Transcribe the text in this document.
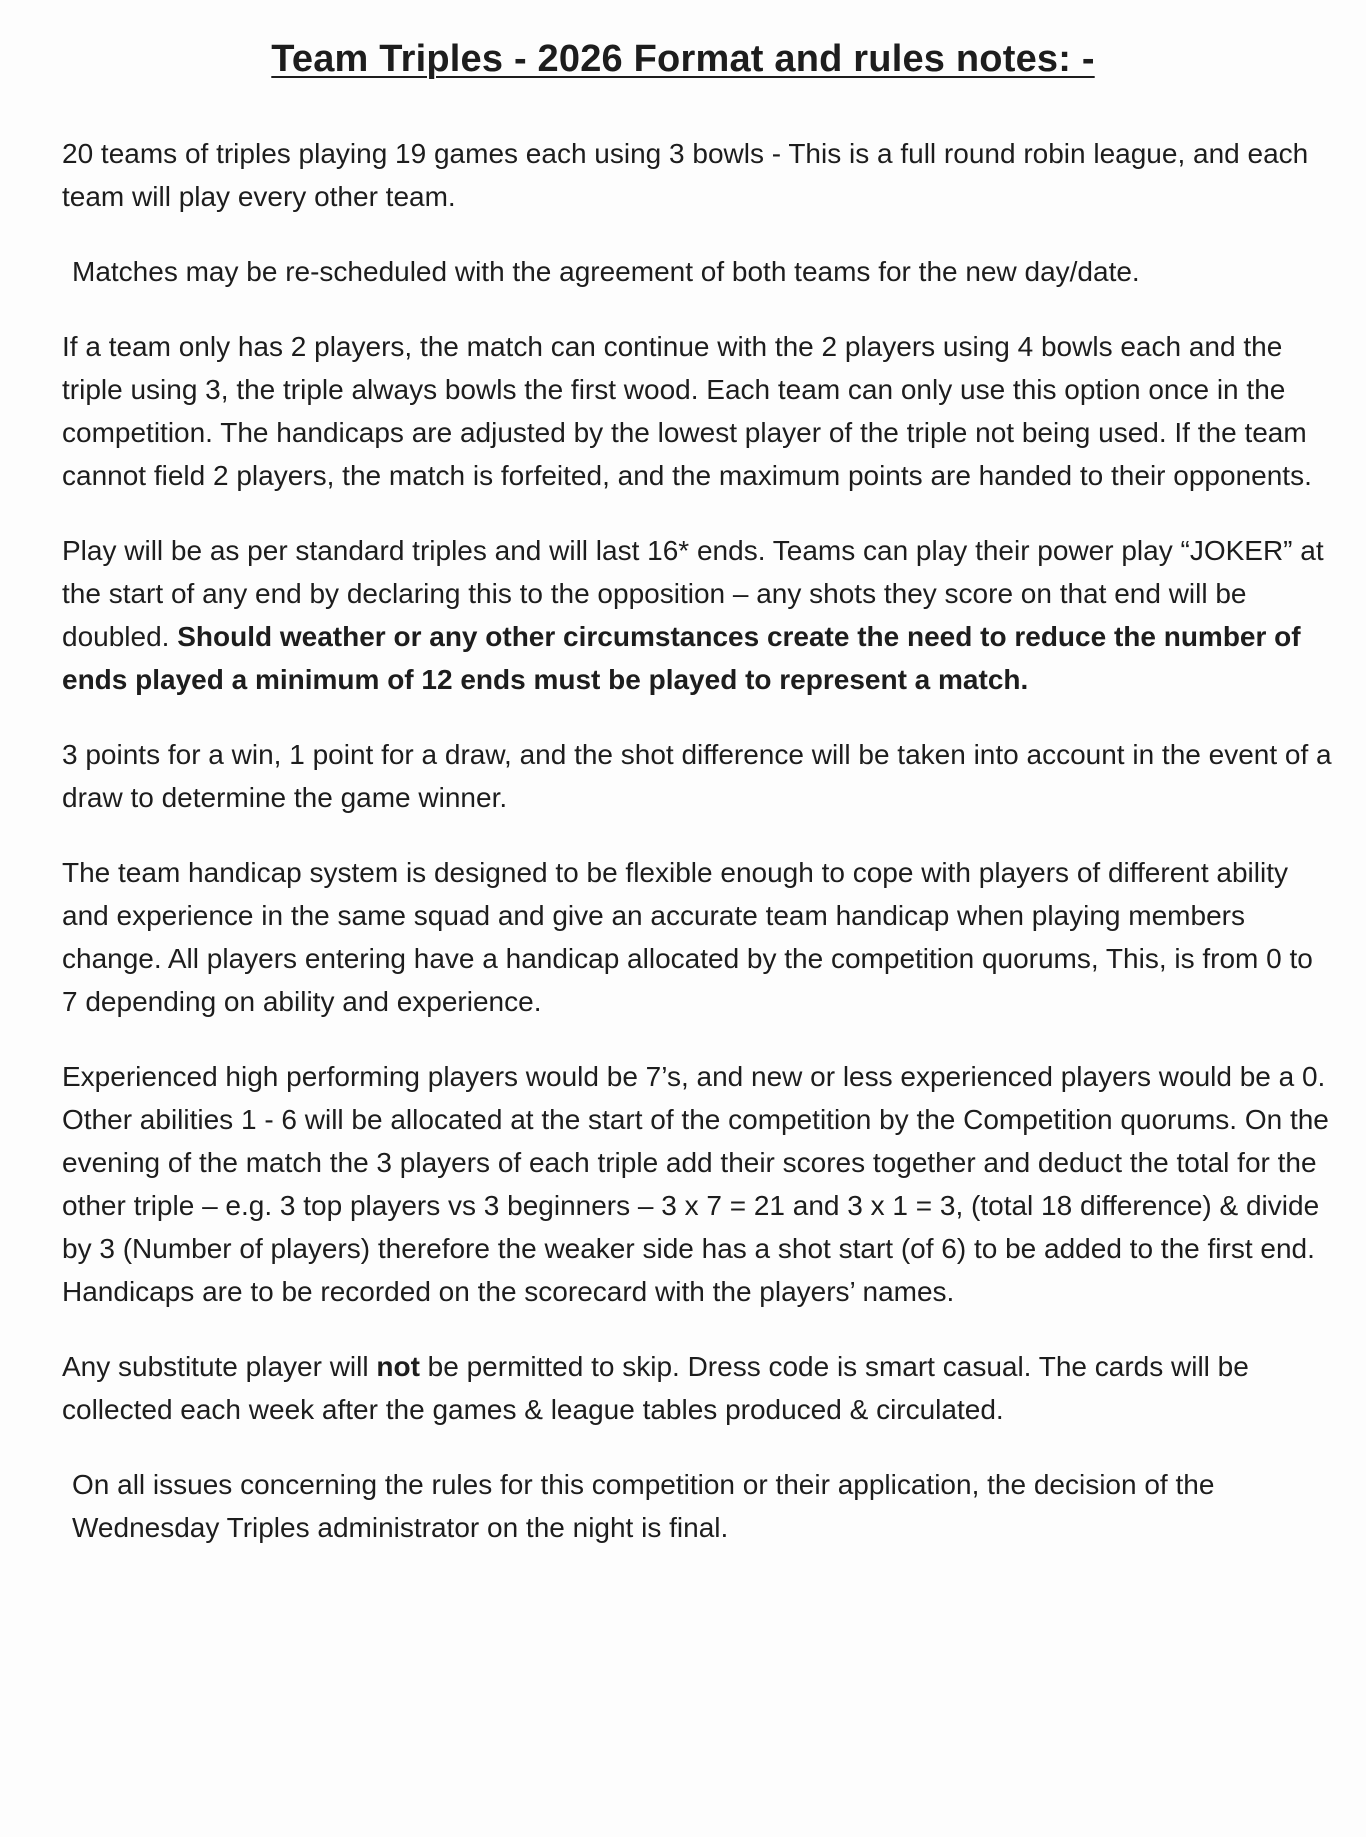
Team Triples - 2026 Format and rules notes: -

20 teams of triples playing 19 games each using 3 bowls - This is a full round robin league, and each team will play every other team.

Matches may be re-scheduled with the agreement of both teams for the new day/date.

If a team only has 2 players, the match can continue with the 2 players using 4 bowls each and the triple using 3, the triple always bowls the first wood. Each team can only use this option once in the competition. The handicaps are adjusted by the lowest player of the triple not being used. If the team cannot field 2 players, the match is forfeited, and the maximum points are handed to their opponents.

Play will be as per standard triples and will last 16* ends. Teams can play their power play “JOKER” at the start of any end by declaring this to the opposition – any shots they score on that end will be doubled. Should weather or any other circumstances create the need to reduce the number of ends played a minimum of 12 ends must be played to represent a match.

3 points for a win, 1 point for a draw, and the shot difference will be taken into account in the event of a draw to determine the game winner.

The team handicap system is designed to be flexible enough to cope with players of different ability and experience in the same squad and give an accurate team handicap when playing members change. All players entering have a handicap allocated by the competition quorums, This, is from 0 to 7 depending on ability and experience.

Experienced high performing players would be 7’s, and new or less experienced players would be a 0. Other abilities 1 - 6 will be allocated at the start of the competition by the Competition quorums. On the evening of the match the 3 players of each triple add their scores together and deduct the total for the other triple – e.g. 3 top players vs 3 beginners – 3 x 7 = 21 and 3 x 1 = 3, (total 18 difference) & divide by 3 (Number of players) therefore the weaker side has a shot start (of 6) to be added to the first end. Handicaps are to be recorded on the scorecard with the players’ names.

Any substitute player will not be permitted to skip. Dress code is smart casual. The cards will be collected each week after the games & league tables produced & circulated.

On all issues concerning the rules for this competition or their application, the decision of the Wednesday Triples administrator on the night is final.
